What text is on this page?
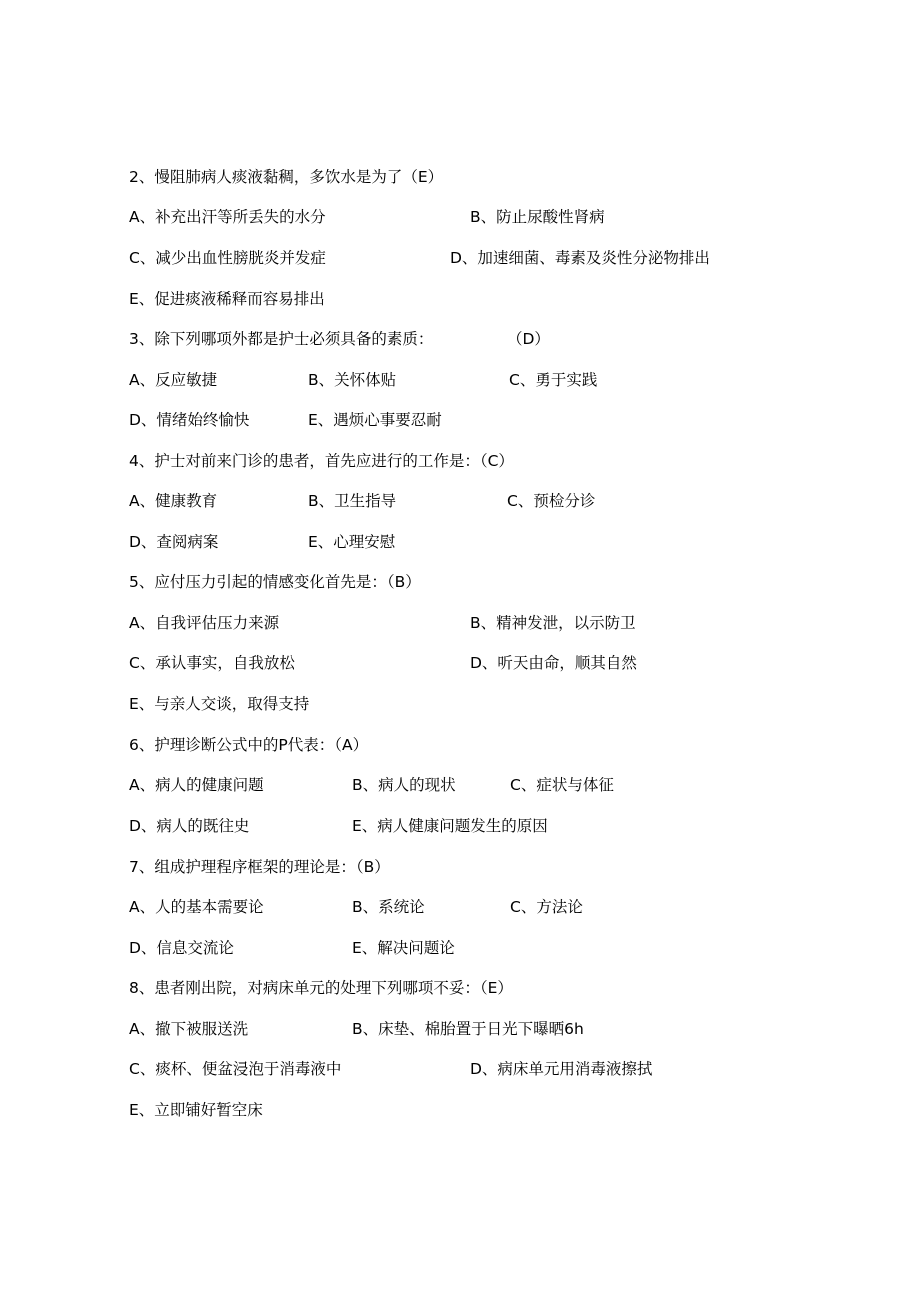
2、慢阻肺病人痰液黏稠，多饮水是为了（E）
A、补充出汗等所丢失的水分	B、防止尿酸性肾病
C、减少出血性膀胱炎并发症	D、加速细菌、毒素及炎性分泌物排出
E、促进痰液稀释而容易排出
3、除下列哪项外都是护士必须具备的素质：	（D）
A、反应敏捷	B、关怀体贴	C、勇于实践
D、情绪始终愉快	E、遇烦心事要忍耐
4、护士对前来门诊的患者，首先应进行的工作是：（C）
A、健康教育	B、卫生指导	C、预检分诊
D、查阅病案	E、心理安慰
5、应付压力引起的情感变化首先是：（B）
A、自我评估压力来源	B、精神发泄，以示防卫
C、承认事实，自我放松	D、听天由命，顺其自然
E、与亲人交谈，取得支持
6、护理诊断公式中的P代表：（A）
A、病人的健康问题	B、病人的现状	C、症状与体征
D、病人的既往史	E、病人健康问题发生的原因
7、组成护理程序框架的理论是：（B）
A、人的基本需要论	B、系统论	C、方法论
D、信息交流论	E、解决问题论
8、患者刚出院，对病床单元的处理下列哪项不妥：（E）
A、撤下被服送洗	B、床垫、棉胎置于日光下曝晒6h
C、痰杯、便盆浸泡于消毒液中	D、病床单元用消毒液擦拭
E、立即铺好暂空床
